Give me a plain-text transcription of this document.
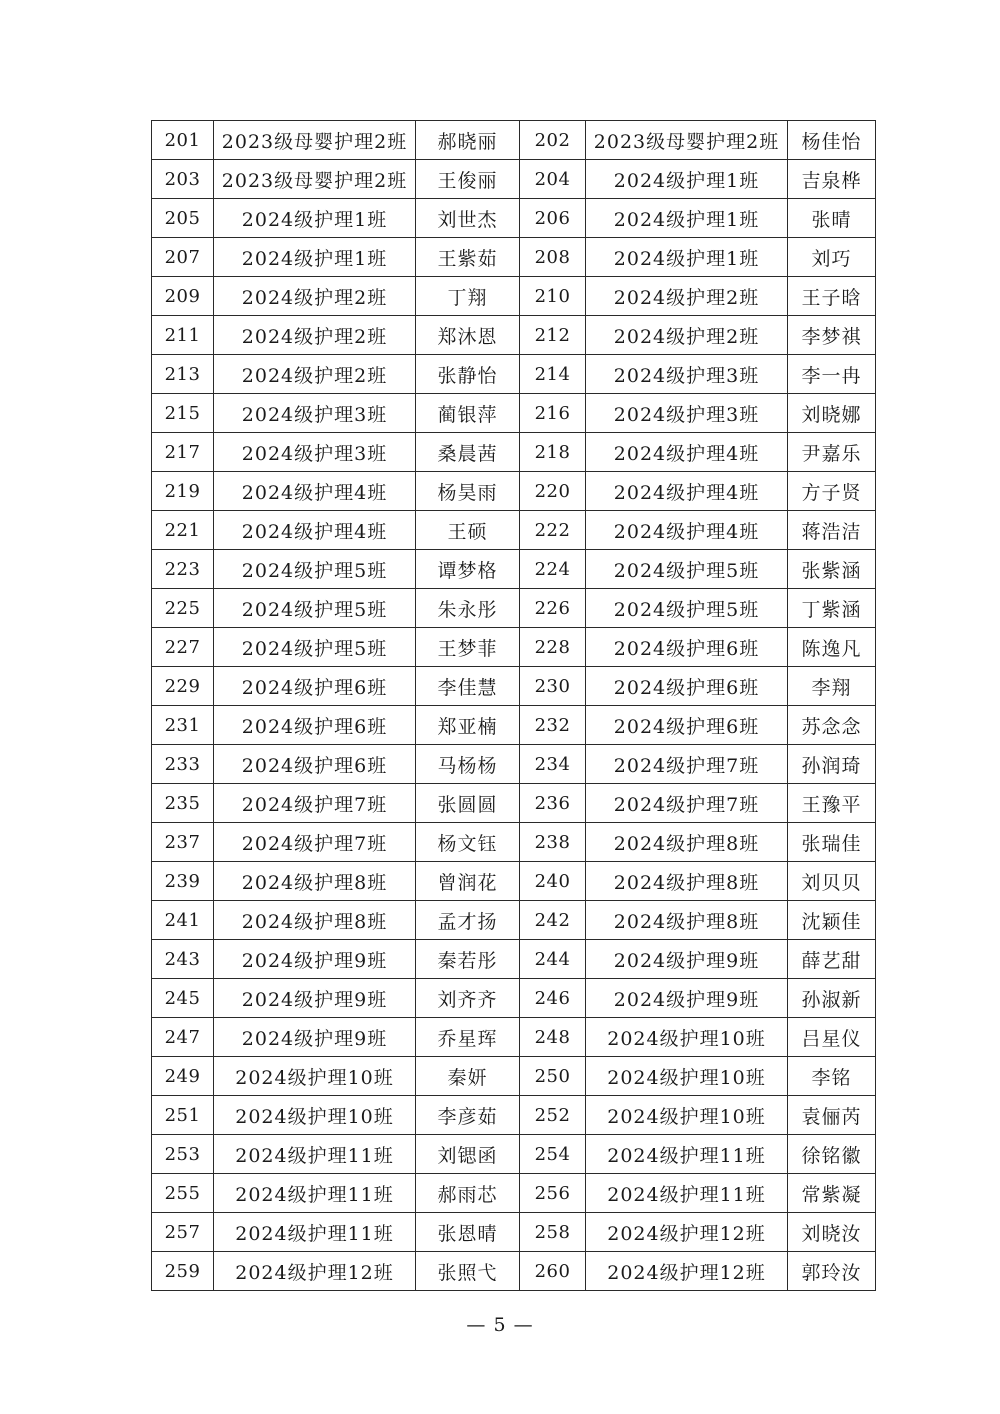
201	2023级母婴护理2班	郝晓丽	202	2023级母婴护理2班	杨佳怡
203	2023级母婴护理2班	王俊丽	204	2024级护理1班	吉泉桦
205	2024级护理1班	刘世杰	206	2024级护理1班	张晴
207	2024级护理1班	王紫茹	208	2024级护理1班	刘巧
209	2024级护理2班	丁翔	210	2024级护理2班	王子晗
211	2024级护理2班	郑沐恩	212	2024级护理2班	李梦祺
213	2024级护理2班	张静怡	214	2024级护理3班	李一冉
215	2024级护理3班	蔺银萍	216	2024级护理3班	刘晓娜
217	2024级护理3班	桑晨茜	218	2024级护理4班	尹嘉乐
219	2024级护理4班	杨昊雨	220	2024级护理4班	方子贤
221	2024级护理4班	王硕	222	2024级护理4班	蒋浩洁
223	2024级护理5班	谭梦格	224	2024级护理5班	张紫涵
225	2024级护理5班	朱永彤	226	2024级护理5班	丁紫涵
227	2024级护理5班	王梦菲	228	2024级护理6班	陈逸凡
229	2024级护理6班	李佳慧	230	2024级护理6班	李翔
231	2024级护理6班	郑亚楠	232	2024级护理6班	苏念念
233	2024级护理6班	马杨杨	234	2024级护理7班	孙润琦
235	2024级护理7班	张圆圆	236	2024级护理7班	王豫平
237	2024级护理7班	杨文钰	238	2024级护理8班	张瑞佳
239	2024级护理8班	曾润花	240	2024级护理8班	刘贝贝
241	2024级护理8班	孟才扬	242	2024级护理8班	沈颖佳
243	2024级护理9班	秦若彤	244	2024级护理9班	薛艺甜
245	2024级护理9班	刘齐齐	246	2024级护理9班	孙淑新
247	2024级护理9班	乔星珲	248	2024级护理10班	吕星仪
249	2024级护理10班	秦妍	250	2024级护理10班	李铭
251	2024级护理10班	李彦茹	252	2024级护理10班	袁俪芮
253	2024级护理11班	刘锶函	254	2024级护理11班	徐铭徽
255	2024级护理11班	郝雨芯	256	2024级护理11班	常紫凝
257	2024级护理11班	张恩晴	258	2024级护理12班	刘晓汝
259	2024级护理12班	张照弋	260	2024级护理12班	郭玲汝
— 5 —
